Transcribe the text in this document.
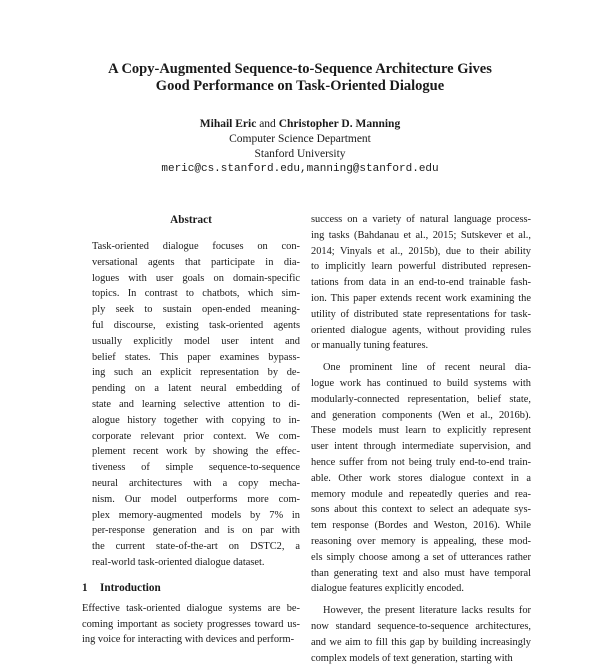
A Copy-Augmented Sequence-to-Sequence Architecture Gives
Good Performance on Task-Oriented Dialogue
Mihail Eric and Christopher D. Manning
Computer Science Department
Stanford University
meric@cs.stanford.edu,manning@stanford.edu
Abstract
Task-oriented dialogue focuses on con-
versational agents that participate in dia-
logues with user goals on domain-specific
topics. In contrast to chatbots, which sim-
ply seek to sustain open-ended meaning-
ful discourse, existing task-oriented agents
usually explicitly model user intent and
belief states. This paper examines bypass-
ing such an explicit representation by de-
pending on a latent neural embedding of
state and learning selective attention to di-
alogue history together with copying to in-
corporate relevant prior context. We com-
plement recent work by showing the effec-
tiveness of simple sequence-to-sequence
neural architectures with a copy mecha-
nism. Our model outperforms more com-
plex memory-augmented models by 7% in
per-response generation and is on par with
the current state-of-the-art on DSTC2, a
real-world task-oriented dialogue dataset.
1 Introduction
Effective task-oriented dialogue systems are be-
coming important as society progresses toward us-
ing voice for interacting with devices and perform-
success on a variety of natural language process-
ing tasks (Bahdanau et al., 2015; Sutskever et al.,
2014; Vinyals et al., 2015b), due to their ability
to implicitly learn powerful distributed represen-
tations from data in an end-to-end trainable fash-
ion. This paper extends recent work examining the
utility of distributed state representations for task-
oriented dialogue agents, without providing rules
or manually tuning features.
One prominent line of recent neural dia-
logue work has continued to build systems with
modularly-connected representation, belief state,
and generation components (Wen et al., 2016b).
These models must learn to explicitly represent
user intent through intermediate supervision, and
hence suffer from not being truly end-to-end train-
able. Other work stores dialogue context in a
memory module and repeatedly queries and rea-
sons about this context to select an adequate sys-
tem response (Bordes and Weston, 2016). While
reasoning over memory is appealing, these mod-
els simply choose among a set of utterances rather
than generating text and also must have temporal
dialogue features explicitly encoded.
However, the present literature lacks results for
now standard sequence-to-sequence architectures,
and we aim to fill this gap by building increasingly
complex models of text generation, starting with
